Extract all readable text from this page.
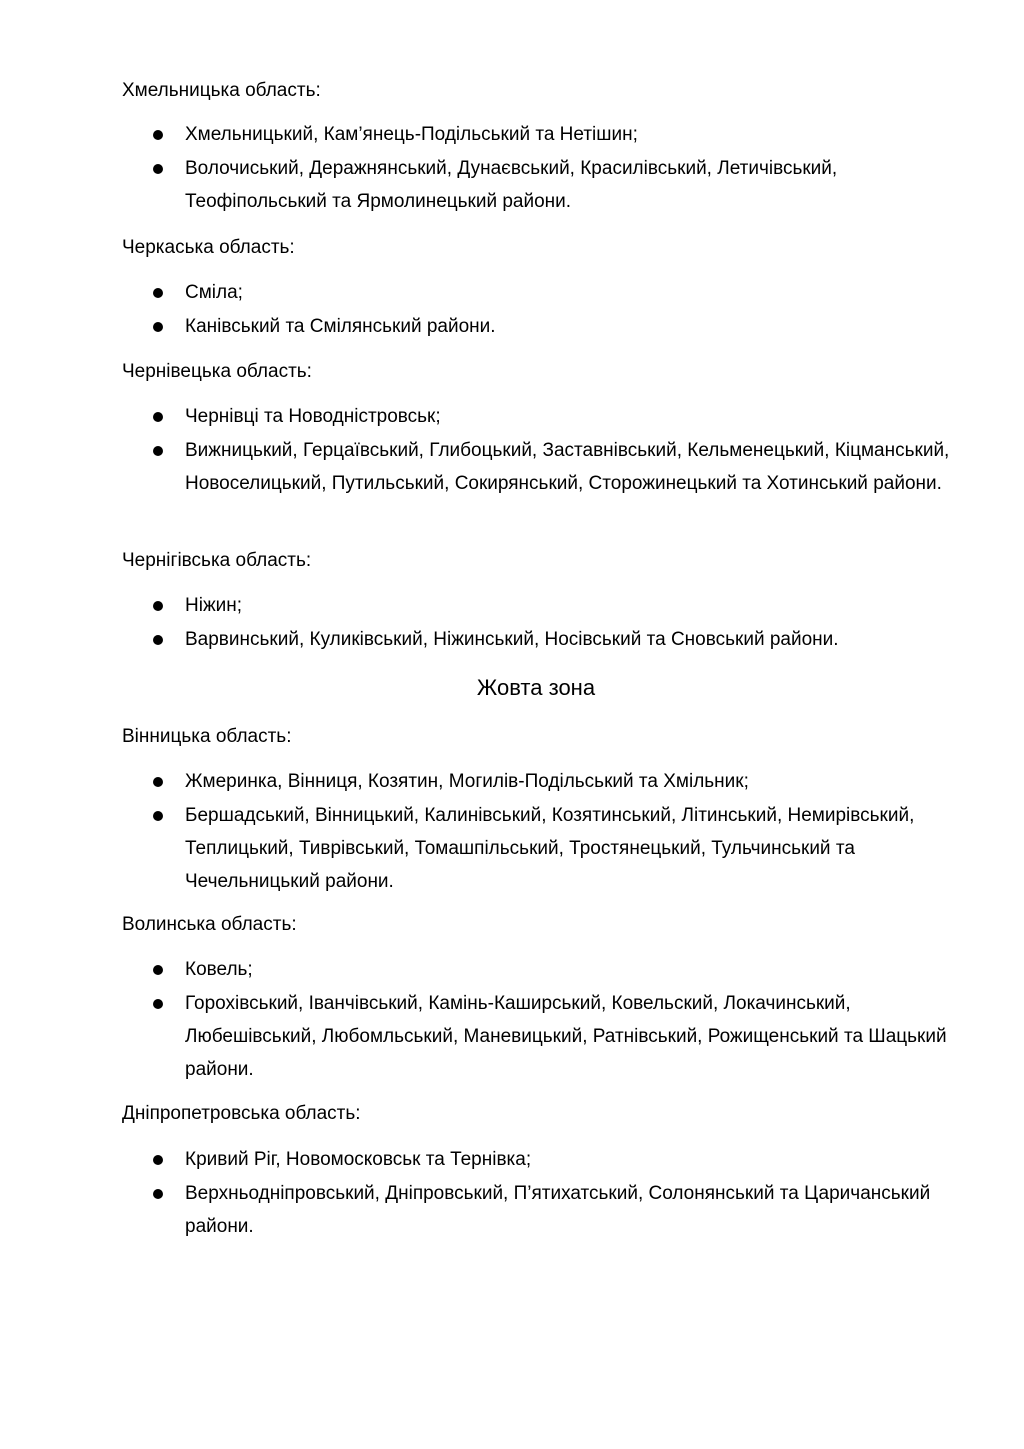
Хмельницька область:
Хмельницький, Кам’янець-Подільський та Нетішин;
Волочиський, Деражнянський, Дунаєвський, Красилівський, Летичівський, Теофіпольський та Ярмолинецький райони.
Черкаська область:
Сміла;
Канівський та Смілянський райони.
Чернівецька область:
Чернівці та Новодністровськ;
Вижницький, Герцаївський, Глибоцький, Заставнівський, Кельменецький, Кіцманський, Новоселицький, Путильський, Сокирянський, Сторожинецький та Хотинський райони.
Чернігівська область:
Ніжин;
Варвинський, Куликівський, Ніжинський, Носівський та Сновський райони.
Жовта зона
Вінницька область:
Жмеринка, Вінниця, Козятин, Могилів-Подільський та Хмільник;
Бершадський, Вінницький, Калинівський, Козятинський, Літинський, Немирівський, Теплицький, Тиврівський, Томашпільський, Тростянецький, Тульчинський та Чечельницький райони.
Волинська область:
Ковель;
Горохівський, Іванчівський, Камінь-Каширський, Ковельский, Локачинський, Любешівський, Любомльський, Маневицький, Ратнівський, Рожищенський та Шацький райони.
Дніпропетровська область:
Кривий Ріг, Новомосковськ та Тернівка;
Верхньодніпровський, Дніпровський, П’ятихатський, Солонянський та Царичанський райони.
